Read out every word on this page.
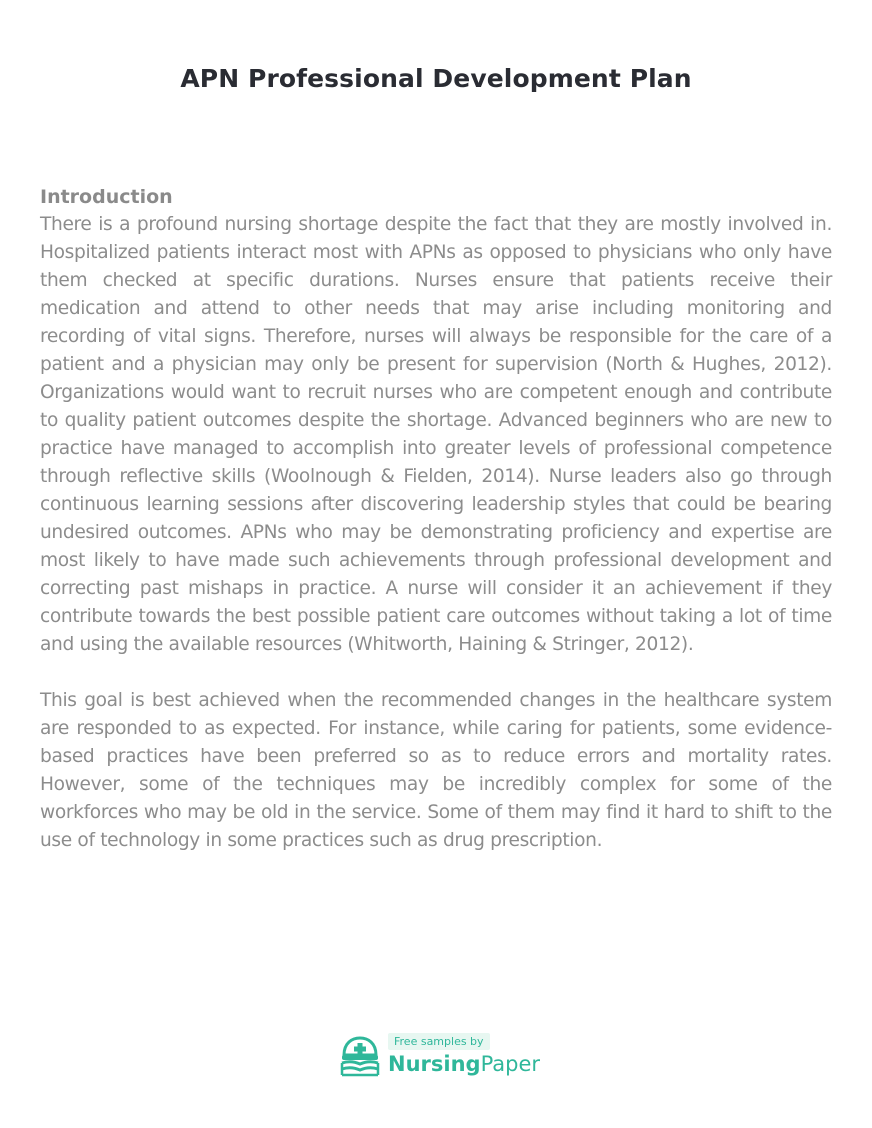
APN Professional Development Plan

Introduction

There is a profound nursing shortage despite the fact that they are mostly involved in. Hospitalized patients interact most with APNs as opposed to physicians who only have them checked at specific durations. Nurses ensure that patients receive their medication and attend to other needs that may arise including monitoring and recording of vital signs. Therefore, nurses will always be responsible for the care of a patient and a physician may only be present for supervision (North & Hughes, 2012). Organizations would want to recruit nurses who are competent enough and contribute to quality patient outcomes despite the shortage. Advanced beginners who are new to practice have managed to accomplish into greater levels of professional competence through reflective skills (Woolnough & Fielden, 2014). Nurse leaders also go through continuous learning sessions after discovering leadership styles that could be bearing undesired outcomes. APNs who may be demonstrating proficiency and expertise are most likely to have made such achievements through professional development and correcting past mishaps in practice. A nurse will consider it an achievement if they contribute towards the best possible patient care outcomes without taking a lot of time and using the available resources (Whitworth, Haining & Stringer, 2012).

This goal is best achieved when the recommended changes in the healthcare system are responded to as expected. For instance, while caring for patients, some evidence-based practices have been preferred so as to reduce errors and mortality rates. However, some of the techniques may be incredibly complex for some of the workforces who may be old in the service. Some of them may find it hard to shift to the use of technology in some practices such as drug prescription.

Free samples by
NursingPaper
